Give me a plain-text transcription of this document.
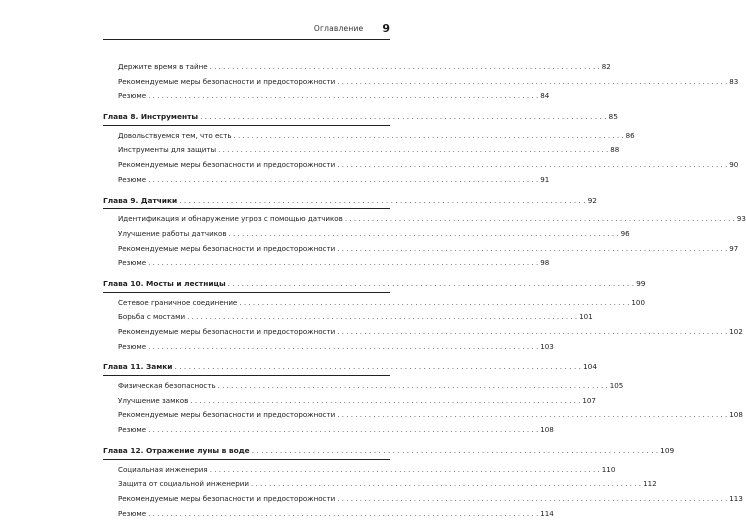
Оглавление 9
Держите время в тайне . . .	82
Рекомендуемые меры безопасности и предосторожности . . .	83
Резюме . . .	84
Глава 8. Инструменты . . .	85
Довольствуемся тем, что есть . . .	86
Инструменты для защиты . . .	88
Рекомендуемые меры безопасности и предосторожности . . .	90
Резюме . . .	91
Глава 9. Датчики . . .	92
Идентификация и обнаружение угроз с помощью датчиков . . .	93
Улучшение работы датчиков . . .	96
Рекомендуемые меры безопасности и предосторожности . . .	97
Резюме . . .	98
Глава 10. Мосты и лестницы . . .	99
Сетевое граничное соединение . . .	100
Борьба с мостами . . .	101
Рекомендуемые меры безопасности и предосторожности . . .	102
Резюме . . .	103
Глава 11. Замки . . .	104
Физическая безопасность . . .	105
Улучшение замков . . .	107
Рекомендуемые меры безопасности и предосторожности . . .	108
Резюме . . .	108
Глава 12. Отражение луны в воде . . .	109
Социальная инженерия . . .	110
Защита от социальной инженерии . . .	112
Рекомендуемые меры безопасности и предосторожности . . .	113
Резюме . . .	114
